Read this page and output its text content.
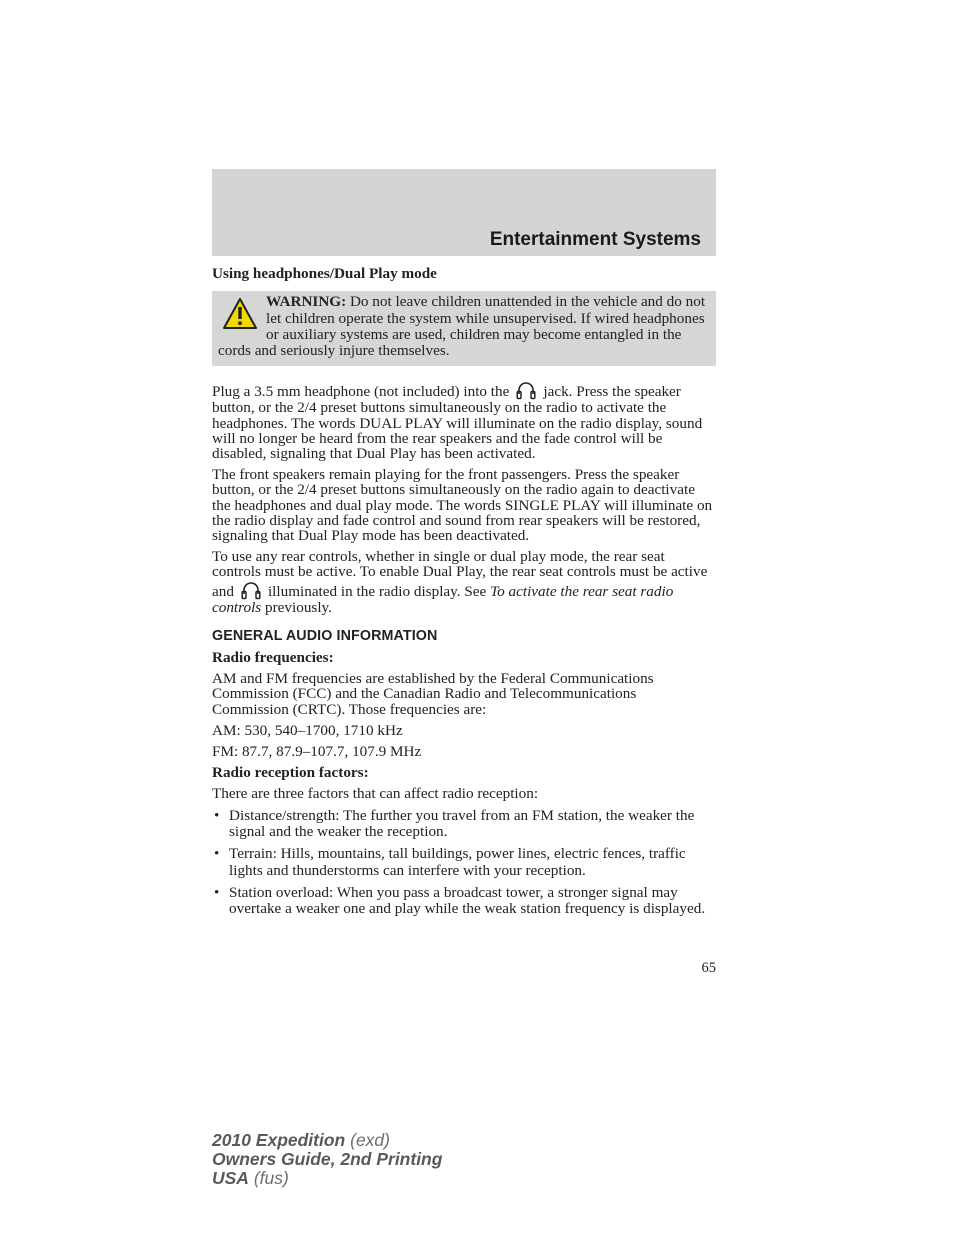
Entertainment Systems

Using headphones/Dual Play mode

WARNING: Do not leave children unattended in the vehicle and do not let children operate the system while unsupervised. If wired headphones or auxiliary systems are used, children may become entangled in the cords and seriously injure themselves.

Plug a 3.5 mm headphone (not included) into the jack. Press the speaker button, or the 2/4 preset buttons simultaneously on the radio to activate the headphones. The words DUAL PLAY will illuminate on the radio display, sound will no longer be heard from the rear speakers and the fade control will be disabled, signaling that Dual Play has been activated.

The front speakers remain playing for the front passengers. Press the speaker button, or the 2/4 preset buttons simultaneously on the radio again to deactivate the headphones and dual play mode. The words SINGLE PLAY will illuminate on the radio display and fade control and sound from rear speakers will be restored, signaling that Dual Play mode has been deactivated.

To use any rear controls, whether in single or dual play mode, the rear seat controls must be active. To enable Dual Play, the rear seat controls must be active and illuminated in the radio display. See To activate the rear seat radio controls previously.

GENERAL AUDIO INFORMATION

Radio frequencies:

AM and FM frequencies are established by the Federal Communications Commission (FCC) and the Canadian Radio and Telecommunications Commission (CRTC). Those frequencies are:

AM: 530, 540–1700, 1710 kHz

FM: 87.7, 87.9–107.7, 107.9 MHz

Radio reception factors:

There are three factors that can affect radio reception:

• Distance/strength: The further you travel from an FM station, the weaker the signal and the weaker the reception.
• Terrain: Hills, mountains, tall buildings, power lines, electric fences, traffic lights and thunderstorms can interfere with your reception.
• Station overload: When you pass a broadcast tower, a stronger signal may overtake a weaker one and play while the weak station frequency is displayed.
65
2010 Expedition (exd)
Owners Guide, 2nd Printing
USA (fus)
